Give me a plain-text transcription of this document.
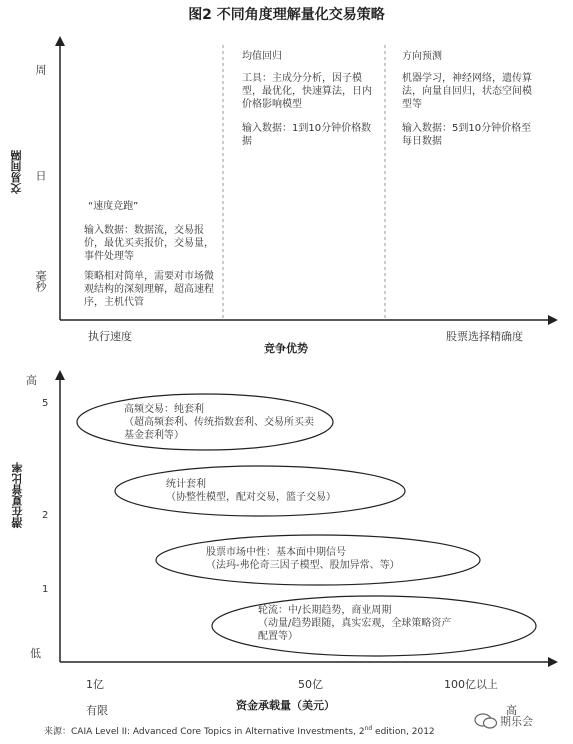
图2 不同角度理解量化交易策略
交易间隔
周
日
毫秒
“速度竞跑”
输入数据：数据流，交易报价，最优买卖报价，交易量，事件处理等
策略相对简单，需要对市场微观结构的深刻理解，超高速程序，主机代管
均值回归
工具：主成分分析，因子模型，最优化，快速算法，日内价格影响模型
输入数据：1到10分钟价格数据
方向预测
机器学习，神经网络，遗传算法，向量自回归，状态空间模型等
输入数据：5到10分钟价格至每日数据
执行速度
竞争优势
股票选择精确度
高
潜在夏普比率
5
2
1
低
高频交易：纯套利
（超高频套利、传统指数套利、交易所买卖
基金套利等）
统计套利
（协整性模型，配对交易，篮子交易）
股票市场中性：基本面中期信号
（法玛-弗伦奇三因子模型、股加异常、等）
轮流：中/长期趋势，商业周期
（动量/趋势跟随，真实宏观，全球策略资产
配置等）
1亿	50亿	100亿以上
有限	资金承载量（美元）	高
来源：CAIA Level II: Advanced Core Topics in Alternative Investments, 2nd edition, 2012
期乐会
